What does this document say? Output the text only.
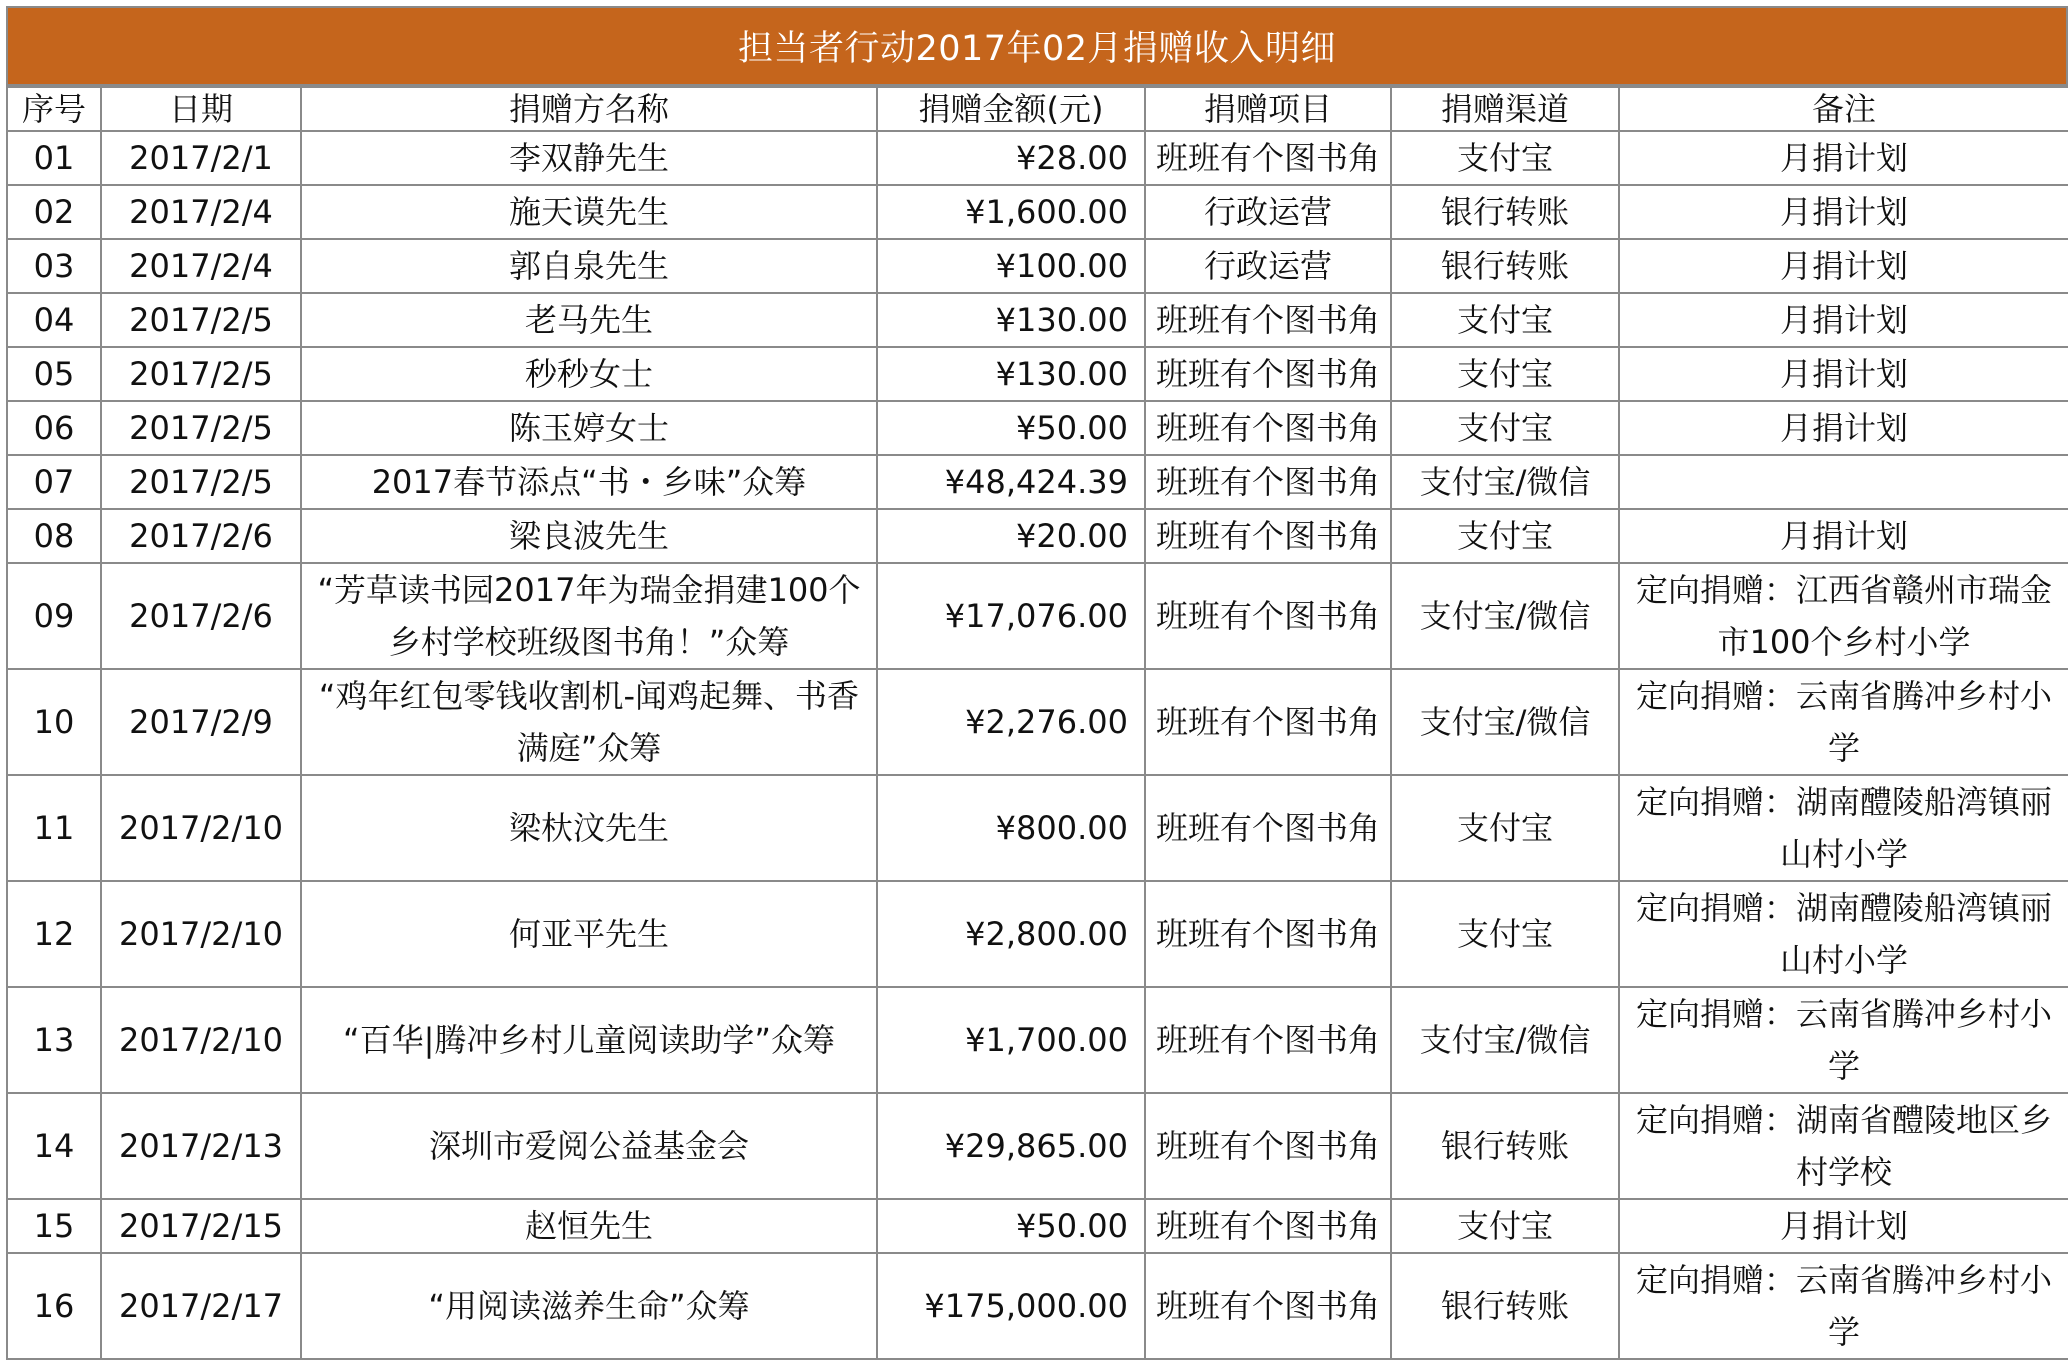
担当者行动2017年02月捐赠收入明细
序号	日期	捐赠方名称	捐赠金额(元)	捐赠项目	捐赠渠道	备注
01	2017/2/1	李双静先生	¥28.00	班班有个图书角	支付宝	月捐计划
02	2017/2/4	施天谟先生	¥1,600.00	行政运营	银行转账	月捐计划
03	2017/2/4	郭自泉先生	¥100.00	行政运营	银行转账	月捐计划
04	2017/2/5	老马先生	¥130.00	班班有个图书角	支付宝	月捐计划
05	2017/2/5	秒秒女士	¥130.00	班班有个图书角	支付宝	月捐计划
06	2017/2/5	陈玉婷女士	¥50.00	班班有个图书角	支付宝	月捐计划
07	2017/2/5	2017春节添点“书・乡味”众筹	¥48,424.39	班班有个图书角	支付宝/微信	
08	2017/2/6	梁良波先生	¥20.00	班班有个图书角	支付宝	月捐计划
09	2017/2/6	“芳草读书园2017年为瑞金捐建100个乡村学校班级图书角！”众筹	¥17,076.00	班班有个图书角	支付宝/微信	定向捐赠：江西省赣州市瑞金市100个乡村小学
10	2017/2/9	“鸡年红包零钱收割机-闻鸡起舞、书香满庭”众筹	¥2,276.00	班班有个图书角	支付宝/微信	定向捐赠：云南省腾冲乡村小学
11	2017/2/10	梁杕汶先生	¥800.00	班班有个图书角	支付宝	定向捐赠：湖南醴陵船湾镇丽山村小学
12	2017/2/10	何亚平先生	¥2,800.00	班班有个图书角	支付宝	定向捐赠：湖南醴陵船湾镇丽山村小学
13	2017/2/10	“百华|腾冲乡村儿童阅读助学”众筹	¥1,700.00	班班有个图书角	支付宝/微信	定向捐赠：云南省腾冲乡村小学
14	2017/2/13	深圳市爱阅公益基金会	¥29,865.00	班班有个图书角	银行转账	定向捐赠：湖南省醴陵地区乡村学校
15	2017/2/15	赵恒先生	¥50.00	班班有个图书角	支付宝	月捐计划
16	2017/2/17	“用阅读滋养生命”众筹	¥175,000.00	班班有个图书角	银行转账	定向捐赠：云南省腾冲乡村小学
